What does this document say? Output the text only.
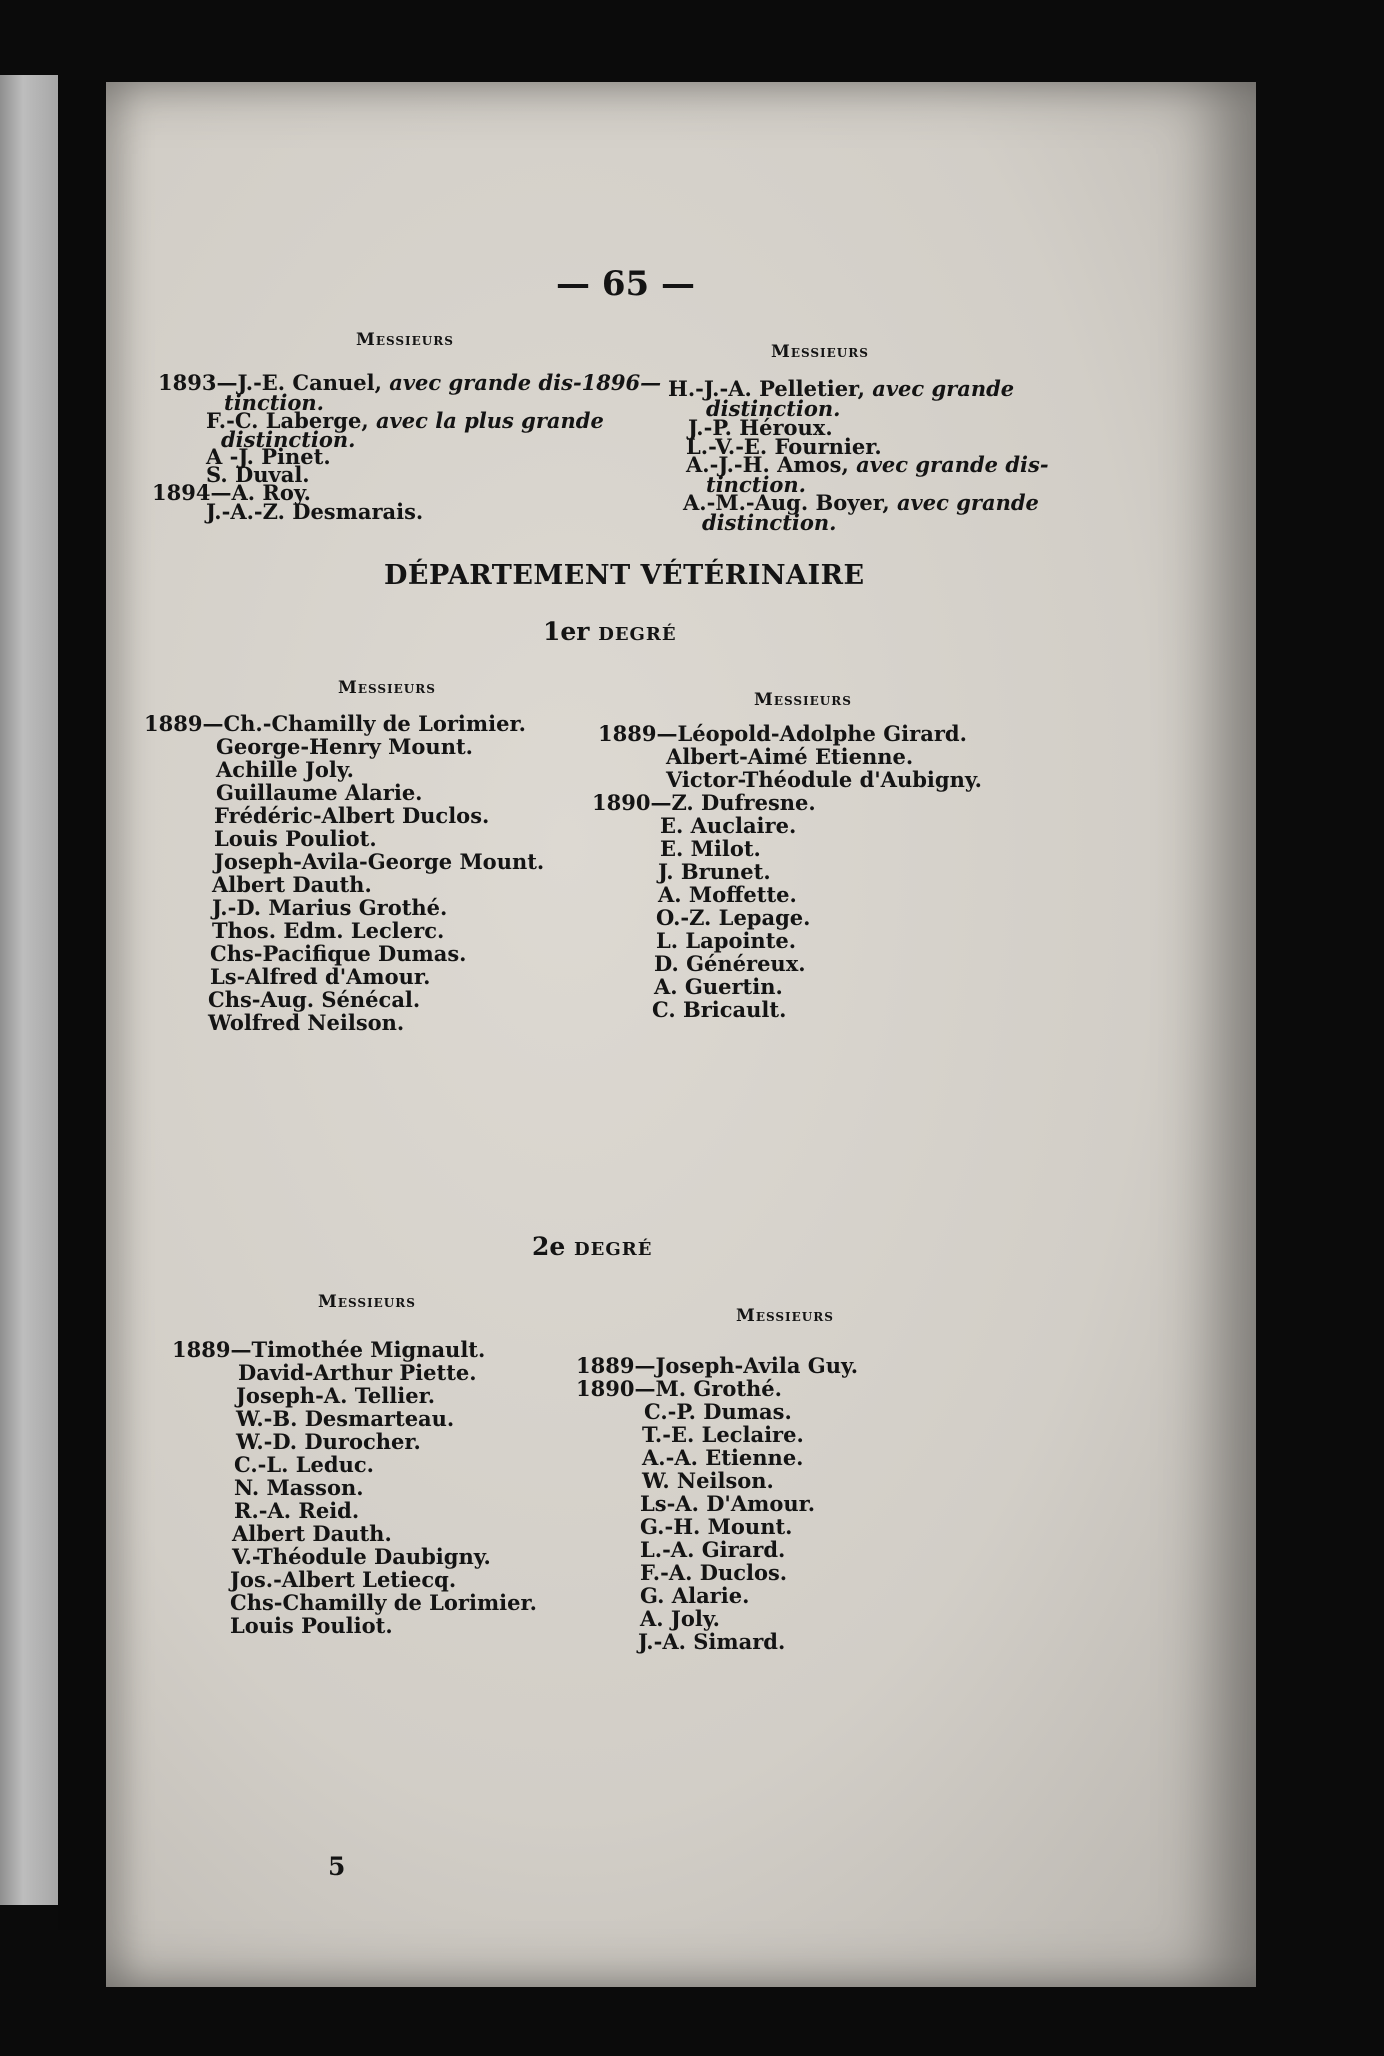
— 65 —
Messieurs
Messieurs
1893—J.-E. Canuel, avec grande dis-1896—
tinction.
F.-C. Laberge, avec la plus grande
distinction.
A -J. Pinet.
S. Duval.
1894—A. Roy.
J.-A.-Z. Desmarais.
H.-J.-A. Pelletier, avec grande
distinction.
J.-P. Héroux.
L.-V.-E. Fournier.
A.-J.-H. Amos, avec grande dis-
tinction.
A.-M.-Aug. Boyer, avec grande
distinction.
DÉPARTEMENT VÉTÉRINAIRE
1er DEGRÉ
Messieurs
Messieurs
1889—Ch.-Chamilly de Lorimier.
George-Henry Mount.
Achille Joly.
Guillaume Alarie.
Frédéric-Albert Duclos.
Louis Pouliot.
Joseph-Avila-George Mount.
Albert Dauth.
J.-D. Marius Grothé.
Thos. Edm. Leclerc.
Chs-Pacifique Dumas.
Ls-Alfred d'Amour.
Chs-Aug. Sénécal.
Wolfred Neilson.
1889—Léopold-Adolphe Girard.
Albert-Aimé Etienne.
Victor-Théodule d'Aubigny.
1890—Z. Dufresne.
E. Auclaire.
E. Milot.
J. Brunet.
A. Moffette.
O.-Z. Lepage.
L. Lapointe.
D. Généreux.
A. Guertin.
C. Bricault.
2e DEGRÉ
Messieurs
Messieurs
1889—Timothée Mignault.
David-Arthur Piette.
Joseph-A. Tellier.
W.-B. Desmarteau.
W.-D. Durocher.
C.-L. Leduc.
N. Masson.
R.-A. Reid.
Albert Dauth.
V.-Théodule Daubigny.
Jos.-Albert Letiecq.
Chs-Chamilly de Lorimier.
Louis Pouliot.
1889—Joseph-Avila Guy.
1890—M. Grothé.
C.-P. Dumas.
T.-E. Leclaire.
A.-A. Etienne.
W. Neilson.
Ls-A. D'Amour.
G.-H. Mount.
L.-A. Girard.
F.-A. Duclos.
G. Alarie.
A. Joly.
J.-A. Simard.
5
